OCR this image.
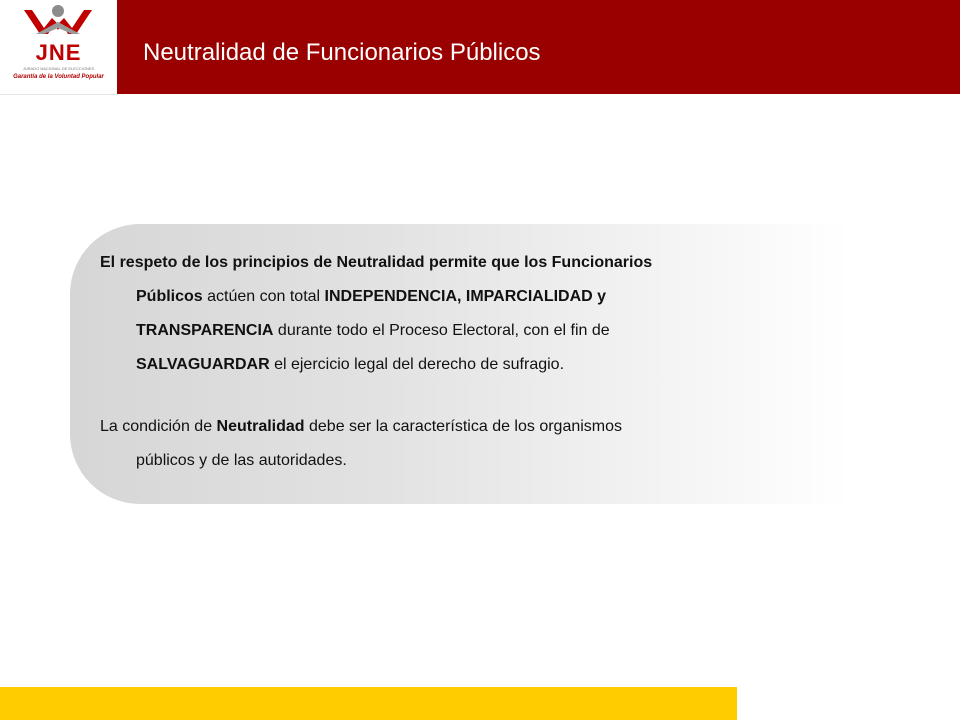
JNE
JURADO NACIONAL DE ELECCIONES
Garantía de la Voluntad Popular
Neutralidad de Funcionarios Públicos
El respeto de los principios de Neutralidad permite que los Funcionarios
Públicos actúen con total INDEPENDENCIA, IMPARCIALIDAD y
TRANSPARENCIA durante todo el Proceso Electoral, con el fin de
SALVAGUARDAR el ejercicio legal del derecho de sufragio.
La condición de Neutralidad debe ser la característica de los organismos
públicos y de las autoridades.
